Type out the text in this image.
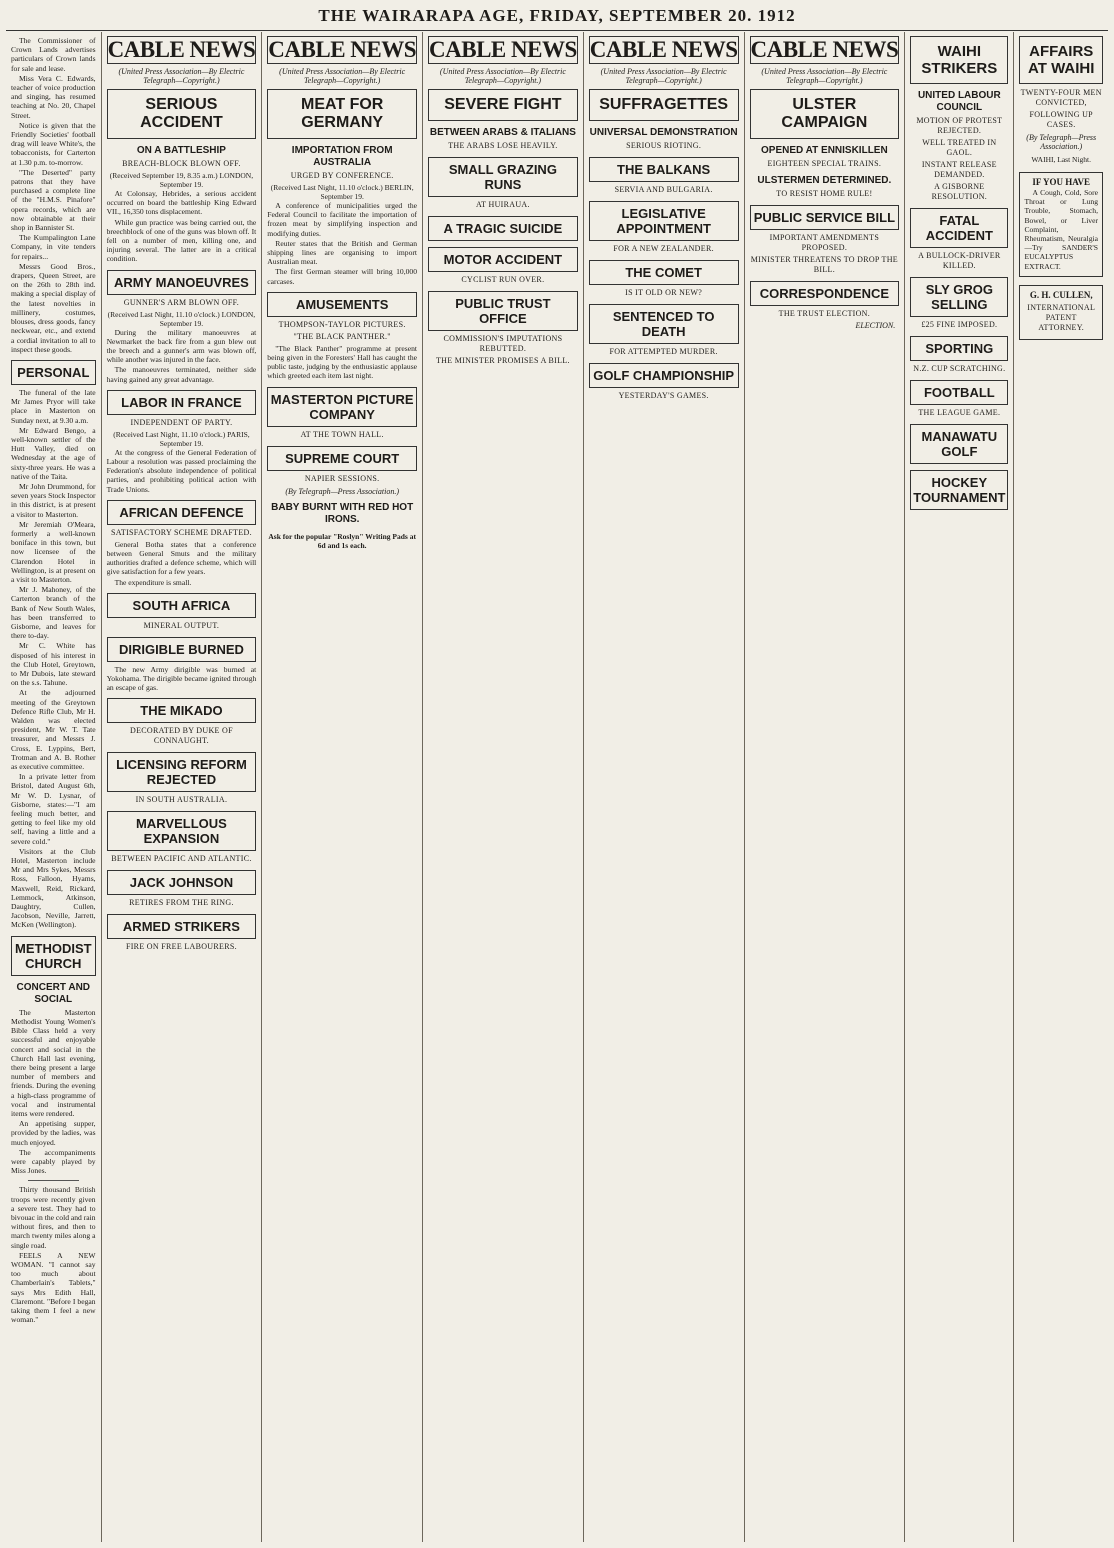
THE WAIRARAPA AGE, FRIDAY, SEPTEMBER 20. 1912

The Commissioner of Crown Lands advertises particulars of Crown lands for sale and lease.

Miss Vera C. Edwards, teacher of voice production and singing, has resumed teaching at No. 20, Chapel Street.

Notice is given that the Friendly Societies' football drag will leave White's, the tobacconists, for Carterton at 1.30 p.m. to-morrow.

"The Deserted" party patrons that they have purchased a complete line of the "H.M.S. Pinafore" opera records, which are now obtainable at their shop in Bannister St.

The Kumpalington Lane Company, in vite tenders for repairs...

Messrs Good Bros., drapers, Queen Street, are on the 26th to 28th ind. making a special display of the latest novelties in millinery, costumes, blouses, dress goods, fancy neckwear, etc., and extend a cordial invitation to all to inspect these goods.

PERSONAL

The funeral of the late Mr James Pryor will take place in Masterton on Sunday next, at 9.30 a.m.

Mr Edward Bengo, a well-known settler of the Hutt Valley, died on Wednesday at the age of sixty-three years. He was a native of the Taita.

Mr John Drummond, for seven years Stock Inspector in this district, is at present a visitor to Masterton.

Mr Jeremiah O'Meara, formerly a well-known boniface in this town, but now licensee of the Clarendon Hotel in Wellington, is at present on a visit to Masterton.

Mr J. Mahoney, of the Carterton branch of the Bank of New South Wales, has been transferred to Gisborne, and leaves for there to-day.

Mr C. White has disposed of his interest in the Club Hotel, Greytown, to Mr Dubois, late steward on the s.s. Tahune.

At the adjourned meeting of the Greytown Defence Rifle Club, Mr H. Walden was elected president, Mr W. T. Tate treasurer, and Messrs J. Cross, E. Lyppins, Bert, Trotman and A. B. Rother as executive committee.

In a private letter from Bristol, dated August 6th, Mr W. D. Lysnar, of Gisborne, states:—"I am feeling much better, and getting to feel like my old self, having a little and a severe cold."

Visitors at the Club Hotel, Masterton include Mr and Mrs Sykes, Messrs Ross, Falloon, Hyams, Maxwell, Reid, Rickard, Lemmock, Atkinson, Daughtry, Cullen, Jacobson, Neville, Jarrett, McKen (Wellington).

METHODIST CHURCH
CONCERT AND SOCIAL

The Masterton Methodist Young Women's Bible Class held a very successful and enjoyable concert and social in the Church Hall last evening, there being present a large number of members and friends. During the evening a high-class programme of vocal and instrumental items were rendered.

An appetising supper, provided by the ladies, was much enjoyed.

The accompaniments were capably played by Miss Jones.

Thirty thousand British troops were recently given a severe test. They had to bivouac in the cold and rain without fires, and then to march twenty miles along a single road.

FEELS A NEW WOMAN. "I cannot say too much about Chamberlain's Tablets," says Mrs Edith Hall, Claremont. "Before I began taking them I feel a new woman."

CABLE NEWS
(United Press Association—By Electric Telegraph—Copyright.)
SERIOUS ACCIDENT
ON A BATTLESHIP
BREACH-BLOCK BLOWN OFF.
(Received September 19, 8.35 a.m.) LONDON, September 19.

At Colonsay, Hebrides, a serious accident occurred on board the battleship King Edward VII., 16,350 tons displacement.

While gun practice was being carried out, the breechblock of one of the guns was blown off. It fell on a number of men, killing one, and injuring several. The latter are in a critical condition.

ARMY MANOEUVRES
GUNNER'S ARM BLOWN OFF.
(Received Last Night, 11.10 o'clock.) LONDON, September 19.

During the military manoeuvres at Newmarket the back fire from a gun blew out the breech and a gunner's arm was blown off, while another was injured in the face.

The manoeuvres terminated, neither side having gained any great advantage.

LABOR IN FRANCE
INDEPENDENT OF PARTY.
(Received Last Night, 11.10 o'clock.) PARIS, September 19.

At the congress of the General Federation of Labour a resolution was passed proclaiming the Federation's absolute independence of political parties, and prohibiting political action with Trade Unions.

AFRICAN DEFENCE
SATISFACTORY SCHEME DRAFTED.

General Botha states that a conference between General Smuts and the military authorities drafted a defence scheme, which will give satisfaction for a few years.

The expenditure is small.

SOUTH AFRICA
MINERAL OUTPUT.
DIRIGIBLE BURNED

The new Army dirigible was burned at Yokohama. The dirigible became ignited through an escape of gas.

THE MIKADO
DECORATED BY DUKE OF CONNAUGHT.
LICENSING REFORM REJECTED
IN SOUTH AUSTRALIA.
MARVELLOUS EXPANSION
BETWEEN PACIFIC AND ATLANTIC.
JACK JOHNSON
RETIRES FROM THE RING.
ARMED STRIKERS
FIRE ON FREE LABOURERS.
CABLE NEWS
(United Press Association—By Electric Telegraph—Copyright.)
MEAT FOR GERMANY
IMPORTATION FROM AUSTRALIA
URGED BY CONFERENCE.
(Received Last Night, 11.10 o'clock.) BERLIN, September 19.

A conference of municipalities urged the Federal Council to facilitate the importation of frozen meat by simplifying inspection and modifying duties.

Reuter states that the British and German shipping lines are organising to import Australian meat.

The first German steamer will bring 10,000 carcases.

AMUSEMENTS
THOMPSON-TAYLOR PICTURES.
"THE BLACK PANTHER."

"The Black Panther" programme at present being given in the Foresters' Hall has caught the public taste, judging by the enthusiastic applause which greeted each item last night.

MASTERTON PICTURE COMPANY
AT THE TOWN HALL.
SUPREME COURT
NAPIER SESSIONS.
(By Telegraph—Press Association.)
BABY BURNT WITH RED HOT IRONS.
Ask for the popular "Roslyn" Writing Pads at 6d and 1s each.
CABLE NEWS
(United Press Association—By Electric Telegraph—Copyright.)
SEVERE FIGHT
BETWEEN ARABS & ITALIANS
THE ARABS LOSE HEAVILY.
SMALL GRAZING RUNS
AT HUIRAUA.
A TRAGIC SUICIDE
MOTOR ACCIDENT
CYCLIST RUN OVER.
PUBLIC TRUST OFFICE
COMMISSION'S IMPUTATIONS REBUTTED.
THE MINISTER PROMISES A BILL.
CABLE NEWS
(United Press Association—By Electric Telegraph—Copyright.)
SUFFRAGETTES
UNIVERSAL DEMONSTRATION
SERIOUS RIOTING.
THE BALKANS
SERVIA AND BULGARIA.
LEGISLATIVE APPOINTMENT
FOR A NEW ZEALANDER.
THE COMET
IS IT OLD OR NEW?
SENTENCED TO DEATH
FOR ATTEMPTED MURDER.
GOLF CHAMPIONSHIP
YESTERDAY'S GAMES.
CABLE NEWS
(United Press Association—By Electric Telegraph—Copyright.)
ULSTER CAMPAIGN
OPENED AT ENNISKILLEN
EIGHTEEN SPECIAL TRAINS.
ULSTERMEN DETERMINED.
TO RESIST HOME RULE!
PUBLIC SERVICE BILL
IMPORTANT AMENDMENTS PROPOSED.
MINISTER THREATENS TO DROP THE BILL.
CORRESPONDENCE
THE TRUST ELECTION.
ELECTION.
WAIHI STRIKERS
UNITED LABOUR COUNCIL
MOTION OF PROTEST REJECTED.
WELL TREATED IN GAOL.
INSTANT RELEASE DEMANDED.
A GISBORNE RESOLUTION.
FATAL ACCIDENT
A BULLOCK-DRIVER KILLED.
SLY GROG SELLING
£25 FINE IMPOSED.
SPORTING
N.Z. CUP SCRATCHING.
FOOTBALL
THE LEAGUE GAME.
MANAWATU GOLF
HOCKEY TOURNAMENT
AFFAIRS AT WAIHI
TWENTY-FOUR MEN CONVICTED,
FOLLOWING UP CASES.
(By Telegraph—Press Association.)
WAIHI, Last Night.
IF YOU HAVE

A Cough, Cold, Sore Throat or Lung Trouble, Stomach, Bowel, or Liver Complaint, Rheumatism, Neuralgia—Try SANDER'S EUCALYPTUS EXTRACT.

G. H. CULLEN,
INTERNATIONAL PATENT ATTORNEY.
